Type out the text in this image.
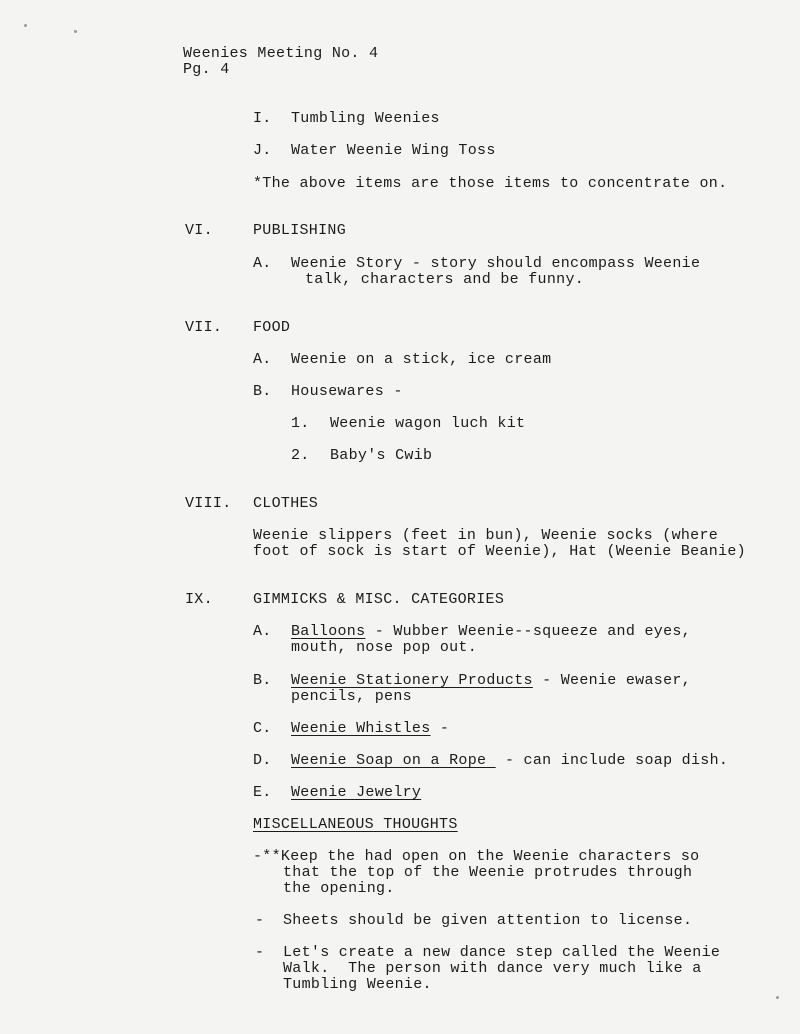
Weenies Meeting No. 4
Pg. 4
I. Tumbling Weenies
J. Water Weenie Wing Toss
*The above items are those items to concentrate on.
VI.	PUBLISHING
A. Weenie Story - story should encompass Weenie
talk, characters and be funny.
VII. FOOD
A. Weenie on a stick, ice cream
B. Housewares -
1. Weenie wagon luch kit
2. Baby's Cwib
VIII. CLOTHES
Weenie slippers (feet in bun), Weenie socks (where
foot of sock is start of Weenie), Hat (Weenie Beanie)
IX.	GIMMICKS & MISC. CATEGORIES
A. Balloons - Wubber Weenie--squeeze and eyes,
mouth, nose pop out.
B. Weenie Stationery Products - Weenie ewaser,
pencils, pens
C. Weenie Whistles -
D. Weenie Soap on a Rope  - can include soap dish.
E. Weenie Jewelry
MISCELLANEOUS THOUGHTS
-**Keep the had open on the Weenie characters so
that the top of the Weenie protrudes through
the opening.
- Sheets should be given attention to license.
- Let's create a new dance step called the Weenie
Walk.  The person with dance very much like a
Tumbling Weenie.
